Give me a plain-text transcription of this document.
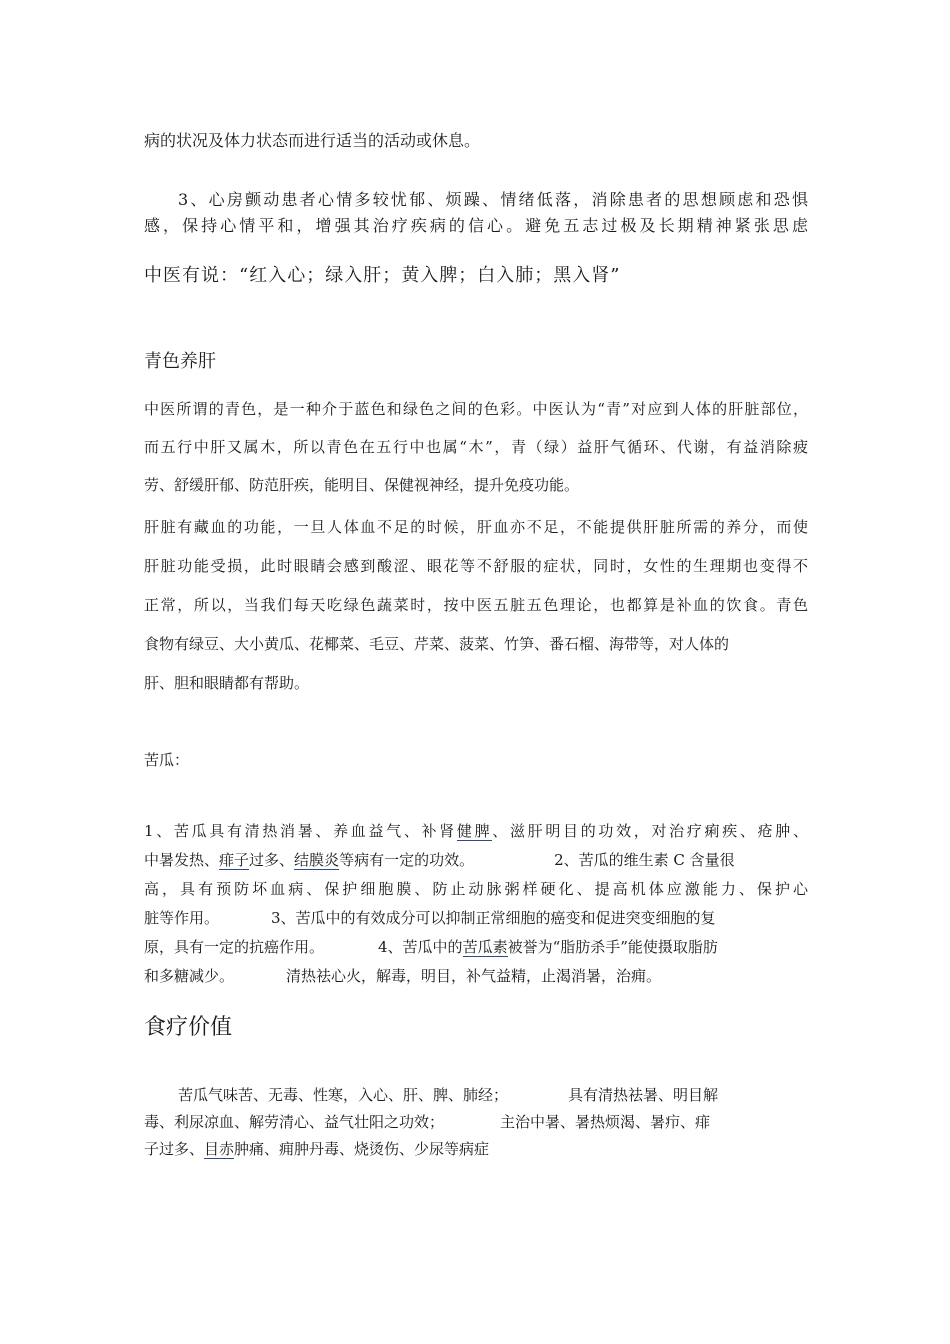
病的状况及体力状态而进行适当的活动或休息。

3、心房颤动患者心情多较忧郁、烦躁、情绪低落，消除患者的思想顾虑和恐惧
感，保持心情平和，增强其治疗疾病的信心。避免五志过极及长期精神紧张思虑

中医有说：“红入心；绿入肝；黄入脾；白入肺；黑入肾”

青色养肝
中医所谓的青色，是一种介于蓝色和绿色之间的色彩。中医认为“青”对应到人体的肝脏部位，
而五行中肝又属木，所以青色在五行中也属“木”，青（绿）益肝气循环、代谢，有益消除疲
劳、舒缓肝郁、防范肝疾，能明目、保健视神经，提升免疫功能。
肝脏有藏血的功能，一旦人体血不足的时候，肝血亦不足，不能提供肝脏所需的养分，而使
肝脏功能受损，此时眼睛会感到酸涩、眼花等不舒服的症状，同时，女性的生理期也变得不
正常，所以，当我们每天吃绿色蔬菜时，按中医五脏五色理论，也都算是补血的饮食。青色
食物有绿豆、大小黄瓜、花椰菜、毛豆、芹菜、菠菜、竹笋、番石榴、海带等，对人体的
肝、胆和眼睛都有帮助。

苦瓜：

1、苦瓜具有清热消暑、养血益气、补肾健脾、滋肝明目的功效，对治疗痢疾、疮肿、
中暑发热、痱子过多、结膜炎等病有一定的功效。	2、苦瓜的维生素 C 含量很
高，具有预防坏血病、保护细胞膜、防止动脉粥样硬化、提高机体应激能力、保护心
脏等作用。	3、苦瓜中的有效成分可以抑制正常细胞的癌变和促进突变细胞的复
原，具有一定的抗癌作用。	4、苦瓜中的苦瓜素被誉为“脂肪杀手”能使摄取脂肪
和多糖减少。	清热祛心火，解毒，明目，补气益精，止渴消暑，治痈。
食疗价值
苦瓜气味苦、无毒、性寒，入心、肝、脾、肺经；	具有清热祛暑、明目解
毒、利尿凉血、解劳清心、益气壮阳之功效；	主治中暑、暑热烦渴、暑疖、痱
子过多、目赤肿痛、痈肿丹毒、烧烫伤、少尿等病症
